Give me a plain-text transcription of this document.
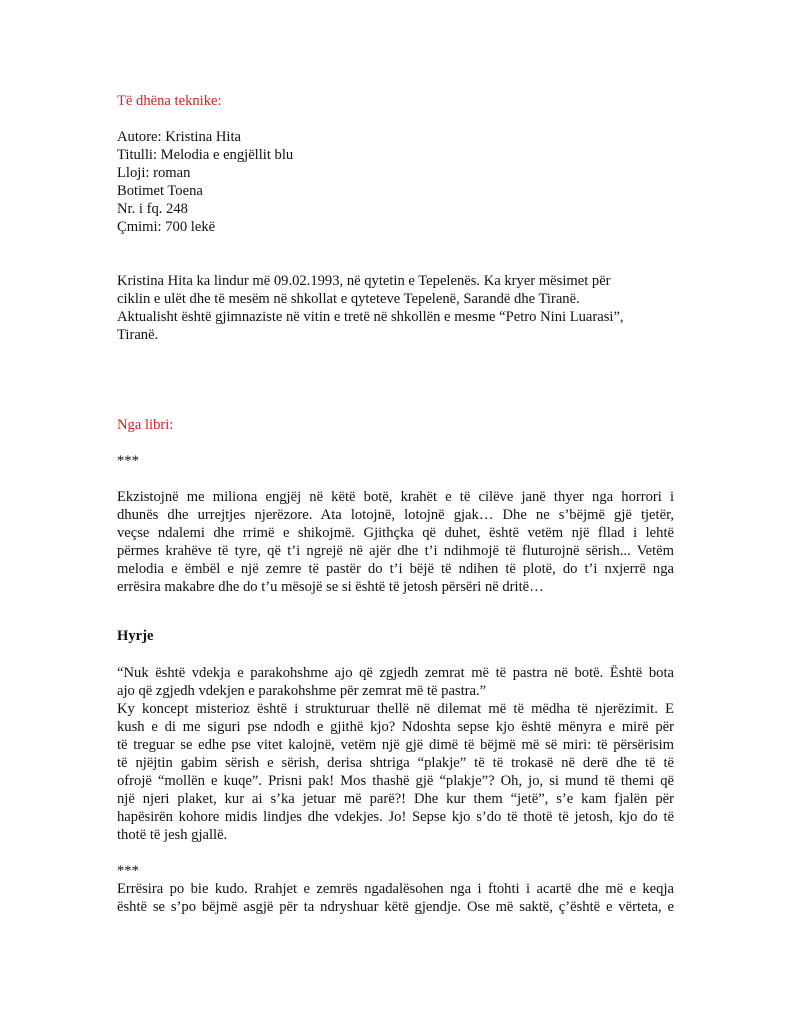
Të dhëna teknike:
Autore: Kristina Hita
Titulli: Melodia e engjëllit blu
Lloji: roman
Botimet Toena
Nr. i fq. 248
Çmimi: 700 lekë
Kristina Hita ka lindur më 09.02.1993, në qytetin e Tepelenës. Ka kryer mësimet për
ciklin e ulët dhe të mesëm në shkollat e qyteteve Tepelenë, Sarandë dhe Tiranë.
Aktualisht është gjimnaziste në vitin e tretë në shkollën e mesme “Petro Nini Luarasi”,
Tiranë.
Nga libri:
***
Ekzistojnë me miliona engjëj në këtë botë, krahët e të cilëve janë thyer nga horrori i
dhunës dhe urrejtjes njerëzore. Ata lotojnë, lotojnë gjak… Dhe ne s’bëjmë gjë tjetër,
veçse ndalemi dhe rrimë e shikojmë. Gjithçka që duhet, është vetëm një fllad i lehtë
përmes krahëve të tyre, që t’i ngrejë në ajër dhe t’i ndihmojë të fluturojnë sërish... Vetëm
melodia e ëmbël e një zemre të pastër do t’i bëjë të ndihen të plotë, do t’i nxjerrë nga
errësira makabre dhe do t’u mësojë se si është të jetosh përsëri në dritë…
Hyrje
“Nuk është vdekja e parakohshme ajo që zgjedh zemrat më të pastra në botë. Është bota
ajo që zgjedh vdekjen e parakohshme për zemrat më të pastra.”
Ky koncept misterioz është i strukturuar thellë në dilemat më të mëdha të njerëzimit. E
kush e di me siguri pse ndodh e gjithë kjo? Ndoshta sepse kjo është mënyra e mirë për
të treguar se edhe pse vitet kalojnë, vetëm një gjë dimë të bëjmë më së miri: të përsërisim
të njëjtin gabim sërish e sërish, derisa shtriga “plakje” të të trokasë në derë dhe të të
ofrojë “mollën e kuqe”. Prisni pak! Mos thashë gjë “plakje”? Oh, jo, si mund të themi që
një njeri plaket, kur ai s’ka jetuar më parë?! Dhe kur them “jetë”, s’e kam fjalën për
hapësirën kohore midis lindjes dhe vdekjes. Jo! Sepse kjo s’do të thotë të jetosh, kjo do të
thotë të jesh gjallë.
***
Errësira po bie kudo. Rrahjet e zemrës ngadalësohen nga i ftohti i acartë dhe më e keqja
është se s’po bëjmë asgjë për ta ndryshuar këtë gjendje. Ose më saktë, ç’është e vërteta, e
